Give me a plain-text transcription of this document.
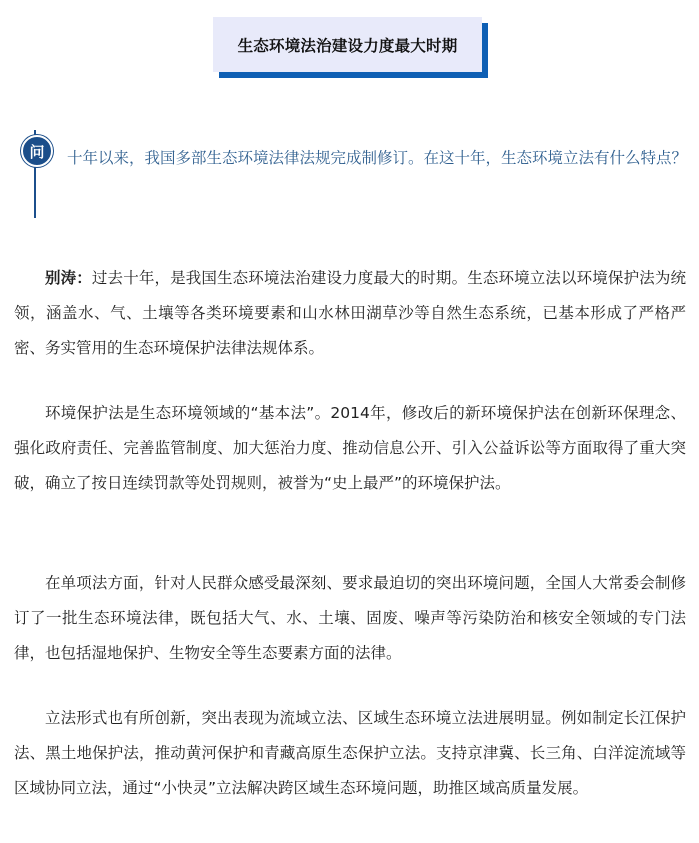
生态环境法治建设力度最大时期
问	十年以来，我国多部生态环境法律法规完成制修订。在这十年，生态环境立法有什么特点？
别涛：过去十年，是我国生态环境法治建设力度最大的时期。生态环境立法以环境保护法为统领，涵盖水、气、土壤等各类环境要素和山水林田湖草沙等自然生态系统，已基本形成了严格严密、务实管用的生态环境保护法律法规体系。
环境保护法是生态环境领域的“基本法”。2014年，修改后的新环境保护法在创新环保理念、强化政府责任、完善监管制度、加大惩治力度、推动信息公开、引入公益诉讼等方面取得了重大突破，确立了按日连续罚款等处罚规则，被誉为“史上最严”的环境保护法。
在单项法方面，针对人民群众感受最深刻、要求最迫切的突出环境问题，全国人大常委会制修订了一批生态环境法律，既包括大气、水、土壤、固废、噪声等污染防治和核安全领域的专门法律，也包括湿地保护、生物安全等生态要素方面的法律。
立法形式也有所创新，突出表现为流域立法、区域生态环境立法进展明显。例如制定长江保护法、黑土地保护法，推动黄河保护和青藏高原生态保护立法。支持京津冀、长三角、白洋淀流域等区域协同立法，通过“小快灵”立法解决跨区域生态环境问题，助推区域高质量发展。
